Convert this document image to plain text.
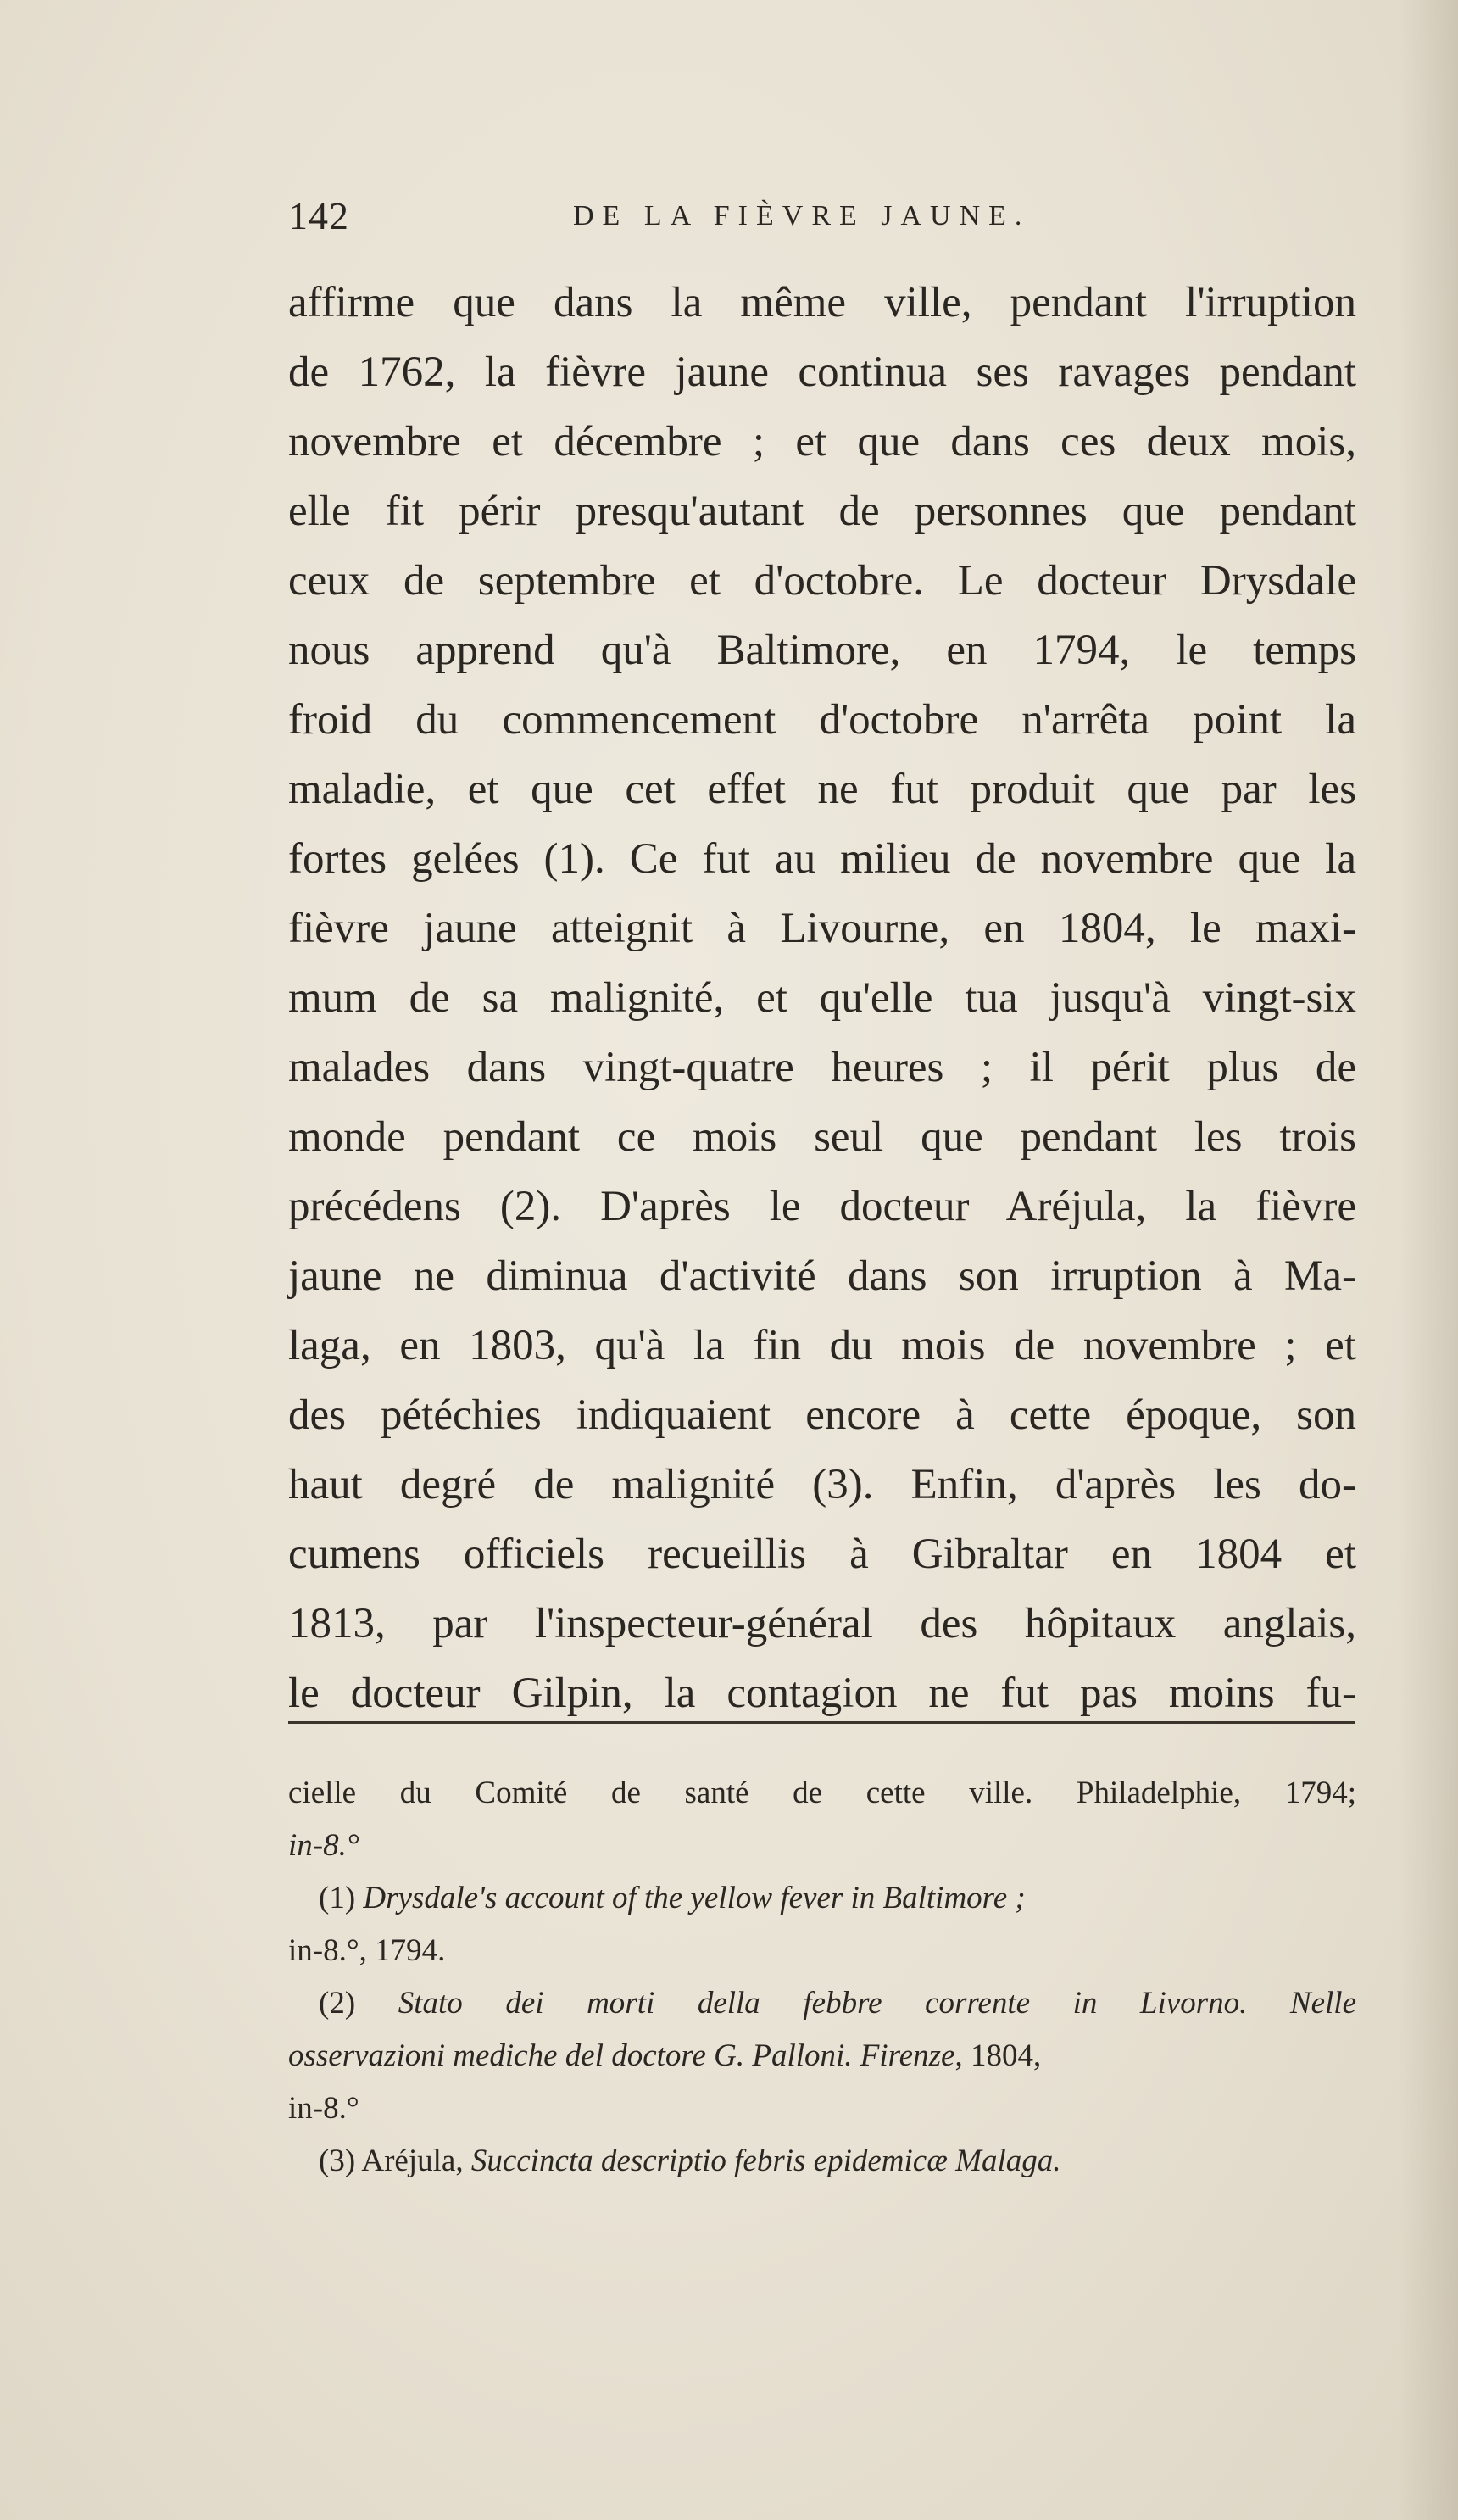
142	DE LA FIÈVRE JAUNE.
affirme que dans la même ville, pendant l'irruption
de 1762, la fièvre jaune continua ses ravages pendant
novembre et décembre ; et que dans ces deux mois,
elle fit périr presqu'autant de personnes que pendant
ceux de septembre et d'octobre. Le docteur Drysdale
nous apprend qu'à Baltimore, en 1794, le temps
froid du commencement d'octobre n'arrêta point la
maladie, et que cet effet ne fut produit que par les
fortes gelées (1). Ce fut au milieu de novembre que la
fièvre jaune atteignit à Livourne, en 1804, le maxi-
mum de sa malignité, et qu'elle tua jusqu'à vingt-six
malades dans vingt-quatre heures ; il périt plus de
monde pendant ce mois seul que pendant les trois
précédens (2). D'après le docteur Aréjula, la fièvre
jaune ne diminua d'activité dans son irruption à Ma-
laga, en 1803, qu'à la fin du mois de novembre ; et
des pétéchies indiquaient encore à cette époque, son
haut degré de malignité (3). Enfin, d'après les do-
cumens officiels recueillis à Gibraltar en 1804 et
1813, par l'inspecteur-général des hôpitaux anglais,
le docteur Gilpin, la contagion ne fut pas moins fu-
cielle du Comité de santé de cette ville. Philadelphie, 1794;
in-8.°
(1) Drysdale's account of the yellow fever in Baltimore ;
in-8.°, 1794.
(2) Stato dei morti della febbre corrente in Livorno. Nelle
osservazioni mediche del doctore G. Palloni. Firenze, 1804,
in-8.°
(3) Aréjula, Succincta descriptio febris epidemicæ Malaga.
